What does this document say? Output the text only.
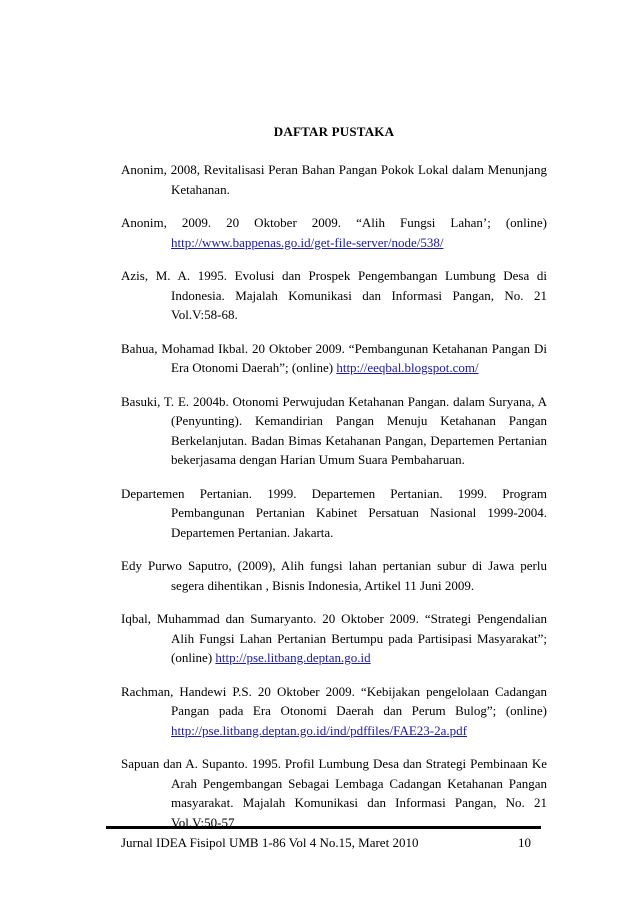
DAFTAR PUSTAKA

Anonim, 2008, Revitalisasi Peran Bahan Pangan Pokok Lokal dalam Menunjang Ketahanan.

Anonim, 2009. 20 Oktober 2009. “Alih Fungsi Lahan’; (online) http://www.bappenas.go.id/get-file-server/node/538/

Azis, M. A. 1995. Evolusi dan Prospek Pengembangan Lumbung Desa di Indonesia. Majalah Komunikasi dan Informasi Pangan, No. 21 Vol.V:58-68.

Bahua, Mohamad Ikbal. 20 Oktober 2009. “Pembangunan Ketahanan Pangan Di Era Otonomi Daerah”; (online) http://eeqbal.blogspot.com/

Basuki, T. E. 2004b. Otonomi Perwujudan Ketahanan Pangan. dalam Suryana, A (Penyunting). Kemandirian Pangan Menuju Ketahanan Pangan Berkelanjutan. Badan Bimas Ketahanan Pangan, Departemen Pertanian bekerjasama dengan Harian Umum Suara Pembaharuan.

Departemen Pertanian. 1999. Departemen Pertanian. 1999. Program Pembangunan Pertanian Kabinet Persatuan Nasional 1999-2004. Departemen Pertanian. Jakarta.

Edy Purwo Saputro, (2009), Alih fungsi lahan pertanian subur di Jawa perlu segera dihentikan , Bisnis Indonesia, Artikel 11 Juni 2009.

Iqbal, Muhammad dan Sumaryanto. 20 Oktober 2009. “Strategi Pengendalian Alih Fungsi Lahan Pertanian Bertumpu pada Partisipasi Masyarakat”; (online) http://pse.litbang.deptan.go.id

Rachman, Handewi P.S. 20 Oktober 2009. “Kebijakan pengelolaan Cadangan Pangan pada Era Otonomi Daerah dan Perum Bulog”; (online) http://pse.litbang.deptan.go.id/ind/pdffiles/FAE23-2a.pdf

Sapuan dan A. Supanto. 1995. Profil Lumbung Desa dan Strategi Pembinaan Ke Arah Pengembangan Sebagai Lembaga Cadangan Ketahanan Pangan masyarakat. Majalah Komunikasi dan Informasi Pangan, No. 21 Vol.V:50-57

Jurnal IDEA Fisipol UMB 1-86 Vol 4 No.15, Maret 2010	10
